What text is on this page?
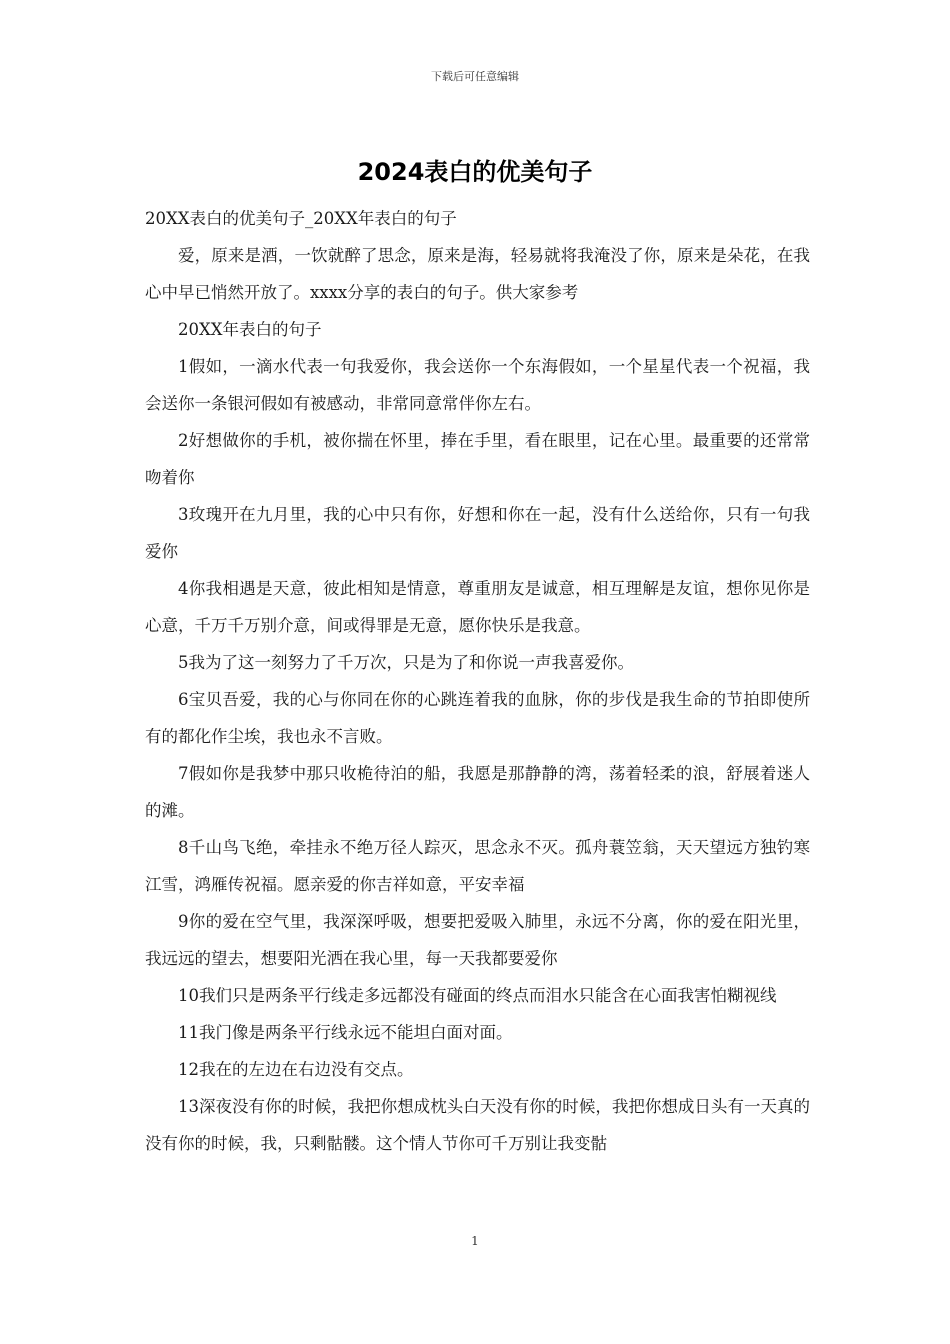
下载后可任意编辑
2024表白的优美句子

20XX表白的优美句子_20XX年表白的句子

爱，原来是酒，一饮就醉了思念，原来是海，轻易就将我淹没了你，原来是朵花，在我心中早已悄然开放了。xxxx分享的表白的句子。供大家参考

20XX年表白的句子

1假如，一滴水代表一句我爱你，我会送你一个东海假如，一个星星代表一个祝福，我会送你一条银河假如有被感动，非常同意常伴你左右。

2好想做你的手机，被你揣在怀里，捧在手里，看在眼里，记在心里。最重要的还常常吻着你

3玫瑰开在九月里，我的心中只有你，好想和你在一起，没有什么送给你，只有一句我爱你

4你我相遇是天意，彼此相知是情意，尊重朋友是诚意，相互理解是友谊，想你见你是心意，千万千万别介意，间或得罪是无意，愿你快乐是我意。

5我为了这一刻努力了千万次，只是为了和你说一声我喜爱你。

6宝贝吾爱，我的心与你同在你的心跳连着我的血脉，你的步伐是我生命的节拍即使所有的都化作尘埃，我也永不言败。

7假如你是我梦中那只收桅待泊的船，我愿是那静静的湾，荡着轻柔的浪，舒展着迷人的滩。

8千山鸟飞绝，牵挂永不绝万径人踪灭，思念永不灭。孤舟蓑笠翁，天天望远方独钓寒江雪，鸿雁传祝福。愿亲爱的你吉祥如意，平安幸福

9你的爱在空气里，我深深呼吸，想要把爱吸入肺里，永远不分离，你的爱在阳光里，我远远的望去，想要阳光洒在我心里，每一天我都要爱你

10我们只是两条平行线走多远都没有碰面的终点而泪水只能含在心面我害怕糊视线

11我门像是两条平行线永远不能坦白面对面。

12我在的左边在右边没有交点。

13深夜没有你的时候，我把你想成枕头白天没有你的时候，我把你想成日头有一天真的没有你的时候，我，只剩骷髅。这个情人节你可千万别让我变骷

1
